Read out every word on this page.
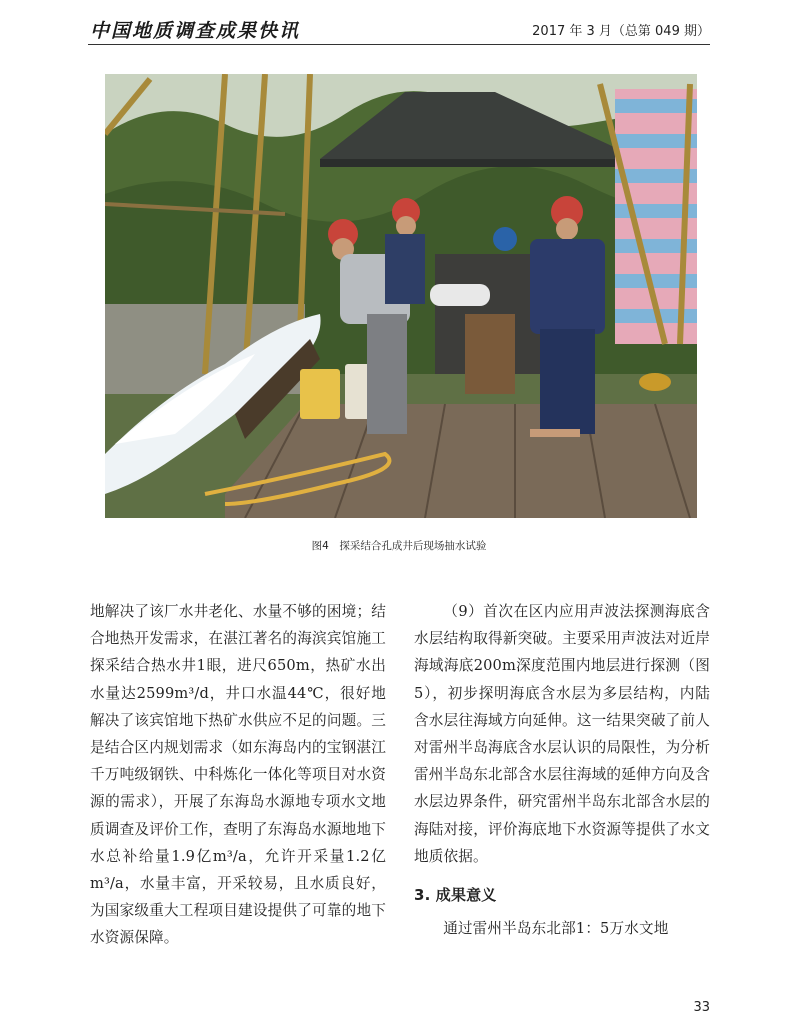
中国地质调查成果快讯	2017 年 3 月（总第 049 期）
图4　探采结合孔成井后现场抽水试验

地解决了该厂水井老化、水量不够的困境；结合地热开发需求，在湛江著名的海滨宾馆施工探采结合热水井1眼，进尺650m，热矿水出水量达2599m³/d，井口水温44℃，很好地解决了该宾馆地下热矿水供应不足的问题。三是结合区内规划需求（如东海岛内的宝钢湛江千万吨级钢铁、中科炼化一体化等项目对水资源的需求），开展了东海岛水源地专项水文地质调查及评价工作，查明了东海岛水源地地下水总补给量1.9亿m³/a，允许开采量1.2亿m³/a，水量丰富，开采较易，且水质良好，为国家级重大工程项目建设提供了可靠的地下水资源保障。

（9）首次在区内应用声波法探测海底含水层结构取得新突破。主要采用声波法对近岸海域海底200m深度范围内地层进行探测（图5），初步探明海底含水层为多层结构，内陆含水层往海域方向延伸。这一结果突破了前人对雷州半岛海底含水层认识的局限性，为分析雷州半岛东北部含水层往海域的延伸方向及含水层边界条件，研究雷州半岛东北部含水层的海陆对接，评价海底地下水资源等提供了水文地质依据。

3. 成果意义

通过雷州半岛东北部1：5万水文地

33
